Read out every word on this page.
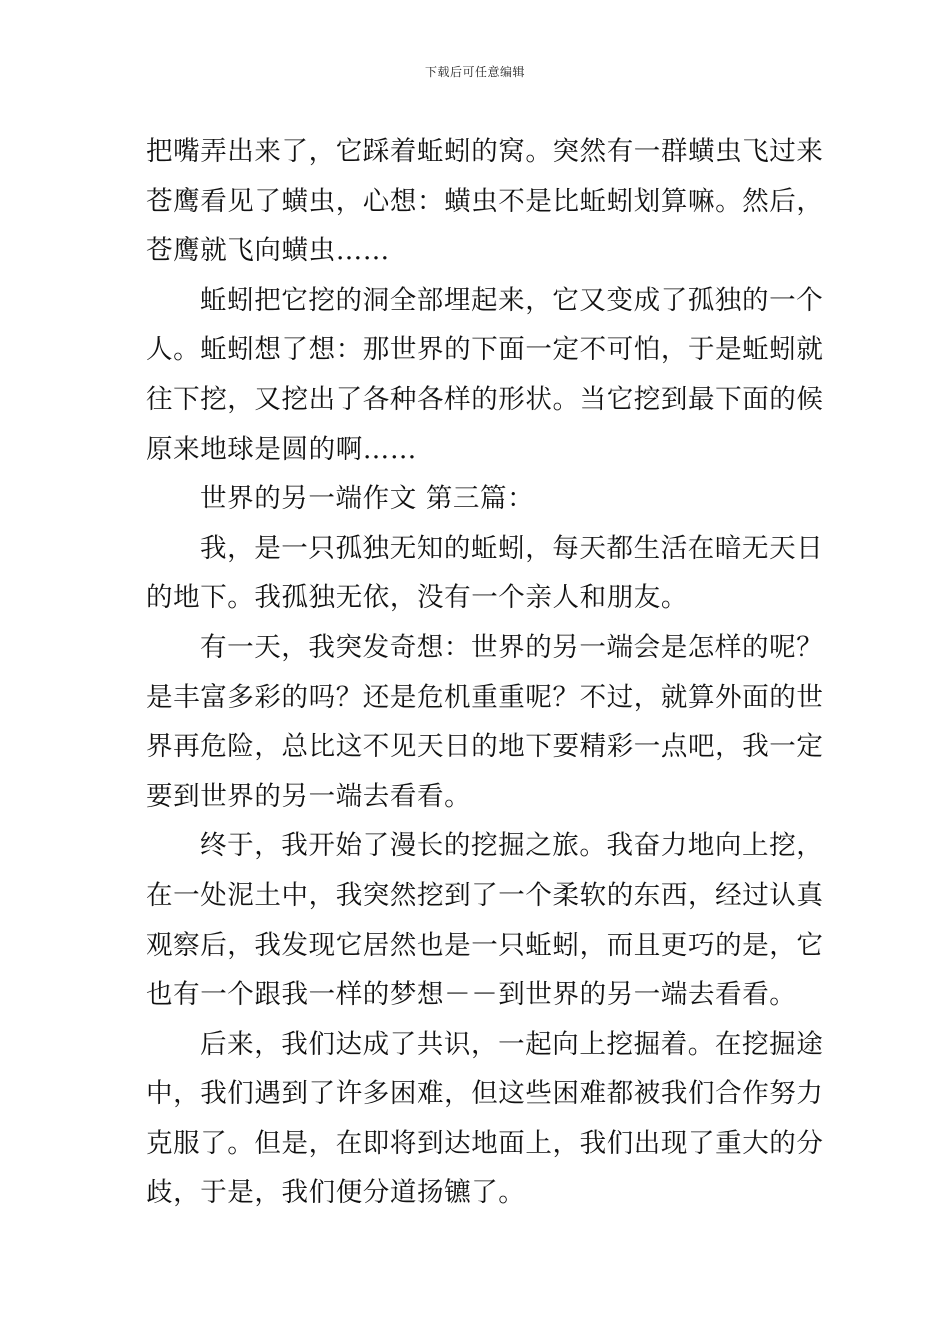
下载后可任意编辑
把嘴弄出来了，它踩着蚯蚓的窝。突然有一群蟥虫飞过来
苍鹰看见了蟥虫，心想：蟥虫不是比蚯蚓划算嘛。然后，
苍鹰就飞向蟥虫……
蚯蚓把它挖的洞全部埋起来，它又变成了孤独的一个
人。蚯蚓想了想：那世界的下面一定不可怕，于是蚯蚓就
往下挖，又挖出了各种各样的形状。当它挖到最下面的候
原来地球是圆的啊……
世界的另一端作文 第三篇：
我，是一只孤独无知的蚯蚓，每天都生活在暗无天日
的地下。我孤独无依，没有一个亲人和朋友。
有一天，我突发奇想：世界的另一端会是怎样的呢？
是丰富多彩的吗？还是危机重重呢？不过，就算外面的世
界再危险，总比这不见天日的地下要精彩一点吧，我一定
要到世界的另一端去看看。
终于，我开始了漫长的挖掘之旅。我奋力地向上挖，
在一处泥土中，我突然挖到了一个柔软的东西，经过认真
观察后，我发现它居然也是一只蚯蚓，而且更巧的是，它
也有一个跟我一样的梦想－－到世界的另一端去看看。
后来，我们达成了共识，一起向上挖掘着。在挖掘途
中，我们遇到了许多困难，但这些困难都被我们合作努力
克服了。但是，在即将到达地面上，我们出现了重大的分
歧，于是，我们便分道扬镳了。
